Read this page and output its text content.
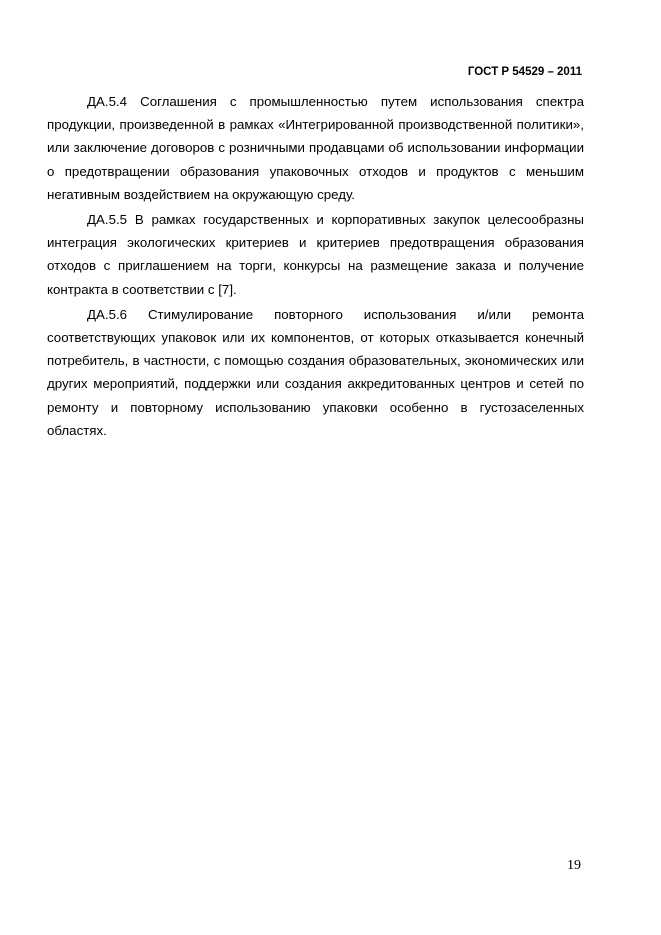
ГОСТ Р 54529 – 2011

ДА.5.4 Соглашения с промышленностью путем использования спектра продукции, произведенной в рамках «Интегрированной производственной политики», или заключение договоров с розничными продавцами об использовании информации о предотвращении образования упаковочных отходов и продуктов с меньшим негативным воздействием на окружающую среду.

ДА.5.5 В рамках государственных и корпоративных закупок целесообразны интеграция экологических критериев и критериев предотвращения образования отходов с приглашением на торги, конкурсы на размещение заказа и получение контракта в соответствии с [7].

ДА.5.6 Стимулирование повторного использования и/или ремонта соответствующих упаковок или их компонентов, от которых отказывается конечный потребитель, в частности, с помощью создания образовательных, экономических или других мероприятий, поддержки или создания аккредитованных центров и сетей по ремонту и повторному использованию упаковки особенно в густозаселенных областях.

19
